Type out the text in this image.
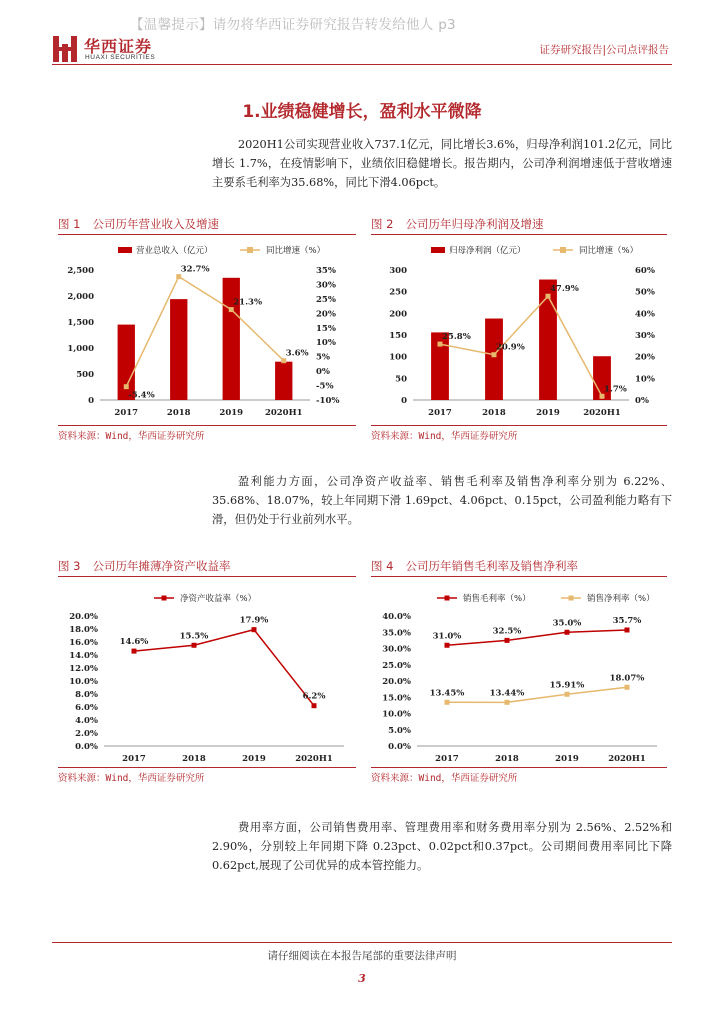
【温馨提示】请勿将华西证券研究报告转发给他人 p3
华西证券
HUAXI SECURITIES
证券研究报告|公司点评报告
1.业绩稳健增长，盈利水平微降

2020H1公司实现营业收入737.1亿元，同比增长3.6%，归母净利润101.2亿元，同比增长 1.7%，在疫情影响下，业绩依旧稳健增长。报告期内，公司净利润增速低于营收增速主要系毛利率为35.68%，同比下滑4.06pct。

图 1 公司历年营业收入及增速
营业总收入（亿元）	同比增速（%）
0
500
1,000
1,500
2,000
2,500
-10%
-5%
0%
5%
10%
15%
20%
25%
30%
35%
2017	2018	2019	2020H1
-5.4%
32.7%
21.3%
3.6%
资料来源：Wind，华西证券研究所
图 2 公司历年归母净利润及增速
归母净利润（亿元）	同比增速（%）
0
50
100
150
200
250
300
0%
10%
20%
30%
40%
50%
60%
2017	2018	2019	2020H1
25.8%
20.9%
47.9%
1.7%
资料来源：Wind，华西证券研究所

盈利能力方面，公司净资产收益率、销售毛利率及销售净利率分别为 6.22%、35.68%、18.07%，较上年同期下滑 1.69pct、4.06pct、0.15pct，公司盈利能力略有下滑，但仍处于行业前列水平。

图 3 公司历年摊薄净资产收益率
净资产收益率（%）
0.0%
2.0%
4.0%
6.0%
8.0%
10.0%
12.0%
14.0%
16.0%
18.0%
20.0%
2017	2018	2019	2020H1
14.6%
15.5%
17.9%
6.2%
资料来源：Wind，华西证券研究所
图 4 公司历年销售毛利率及销售净利率
销售毛利率（%）	销售净利率（%）
0.0%
5.0%
10.0%
15.0%
20.0%
25.0%
30.0%
35.0%
40.0%
2017	2018	2019	2020H1
31.0%	32.5%
35.0%	35.7%
13.45%	13.44%
15.91%
18.07%
资料来源：Wind，华西证券研究所

费用率方面，公司销售费用率、管理费用率和财务费用率分别为 2.56%、2.52%和 2.90%，分别较上年同期下降 0.23pct、0.02pct和0.37pct。公司期间费用率同比下降 0.62pct,展现了公司优异的成本管控能力。

请仔细阅读在本报告尾部的重要法律声明
3
